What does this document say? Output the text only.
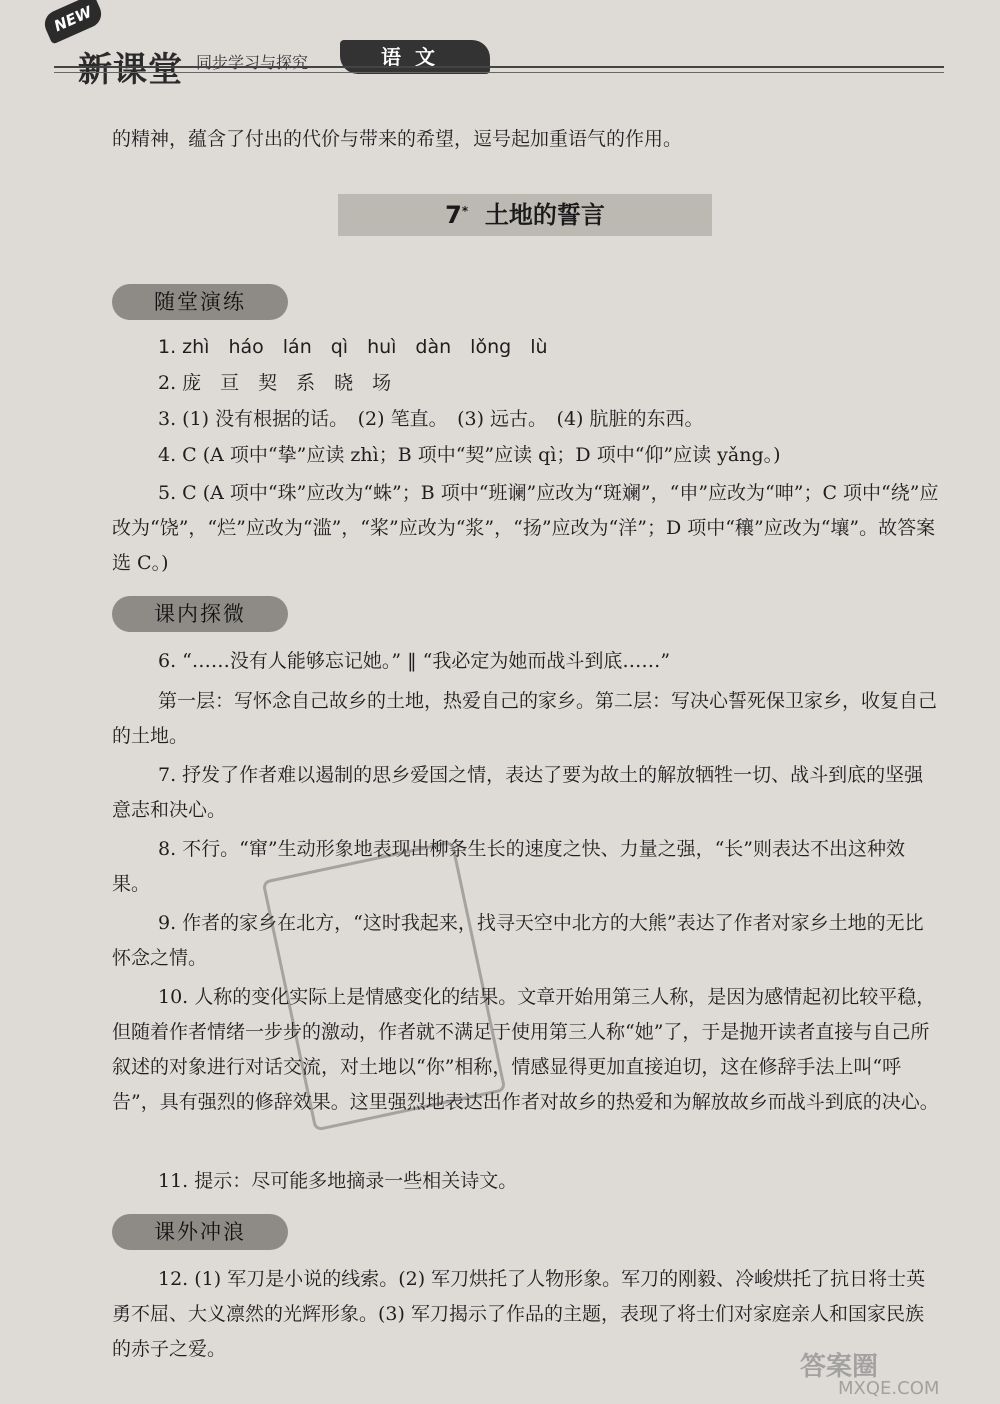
NEW
新课堂 同步学习与探究	语文
的精神，蕴含了付出的代价与带来的希望，逗号起加重语气的作用。
7* 土地的誓言
随堂演练
1. zhì　háo　lán　qì　huì　dàn　lǒng　lù
2. 庞　亘　契　系　晓　场
3. (1) 没有根据的话。　(2) 笔直。　(3) 远古。　(4) 肮脏的东西。
4. C (A 项中“挚”应读 zhì；B 项中“契”应读 qì；D 项中“仰”应读 yǎng。)
5. C (A 项中“珠”应改为“蛛”；B 项中“班谰”应改为“斑斓”，“申”应改为“呻”；C 项中“绕”应改为“饶”，“烂”应改为“滥”，“桨”应改为“浆”，“扬”应改为“洋”；D 项中“穰”应改为“壤”。故答案选 C。)
课内探微
6. “……没有人能够忘记她。” ‖ “我必定为她而战斗到底……”
第一层：写怀念自己故乡的土地，热爱自己的家乡。第二层：写决心誓死保卫家乡，收复自己的土地。
7. 抒发了作者难以遏制的思乡爱国之情，表达了要为故土的解放牺牲一切、战斗到底的坚强意志和决心。
8. 不行。“窜”生动形象地表现出柳条生长的速度之快、力量之强，“长”则表达不出这种效果。
9. 作者的家乡在北方，“这时我起来，找寻天空中北方的大熊”表达了作者对家乡土地的无比怀念之情。
10. 人称的变化实际上是情感变化的结果。文章开始用第三人称，是因为感情起初比较平稳，但随着作者情绪一步步的激动，作者就不满足于使用第三人称“她”了，于是抛开读者直接与自己所叙述的对象进行对话交流，对土地以“你”相称，情感显得更加直接迫切，这在修辞手法上叫“呼告”，具有强烈的修辞效果。这里强烈地表达出作者对故乡的热爱和为解放故乡而战斗到底的决心。
11. 提示：尽可能多地摘录一些相关诗文。
课外冲浪
12. (1) 军刀是小说的线索。(2) 军刀烘托了人物形象。军刀的刚毅、冷峻烘托了抗日将士英勇不屈、大义凛然的光辉形象。(3) 军刀揭示了作品的主题，表现了将士们对家庭亲人和国家民族的赤子之爱。
答案圈
MXQE.COM
